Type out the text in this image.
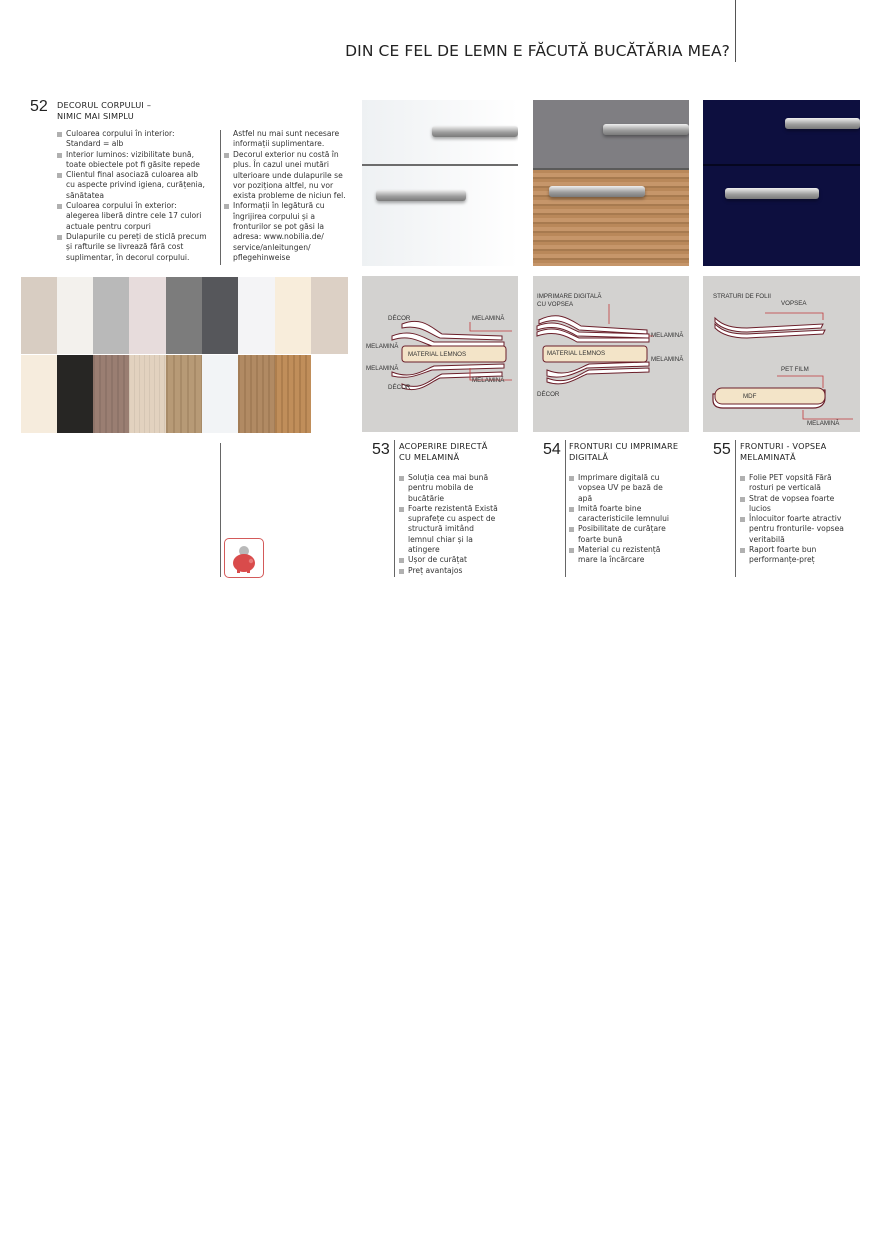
DIN CE FEL DE LEMN E FĂCUTĂ BUCĂTĂRIA MEA?
52 DECORUL CORPULUI –
NIMIC MAI SIMPLU
Culoarea corpului în interior: Standard = alb
Interior luminos: vizibilitate bună, toate obiectele pot fi găsite repede
Clientul final asociază culoarea alb cu aspecte privind igiena, curățenia, sănătatea
Culoarea corpului în exterior: alegerea liberă dintre cele 17 culori actuale pentru corpuri
Dulapurile cu pereți de sticlă precum și rafturile se livrează fără cost suplimentar, în decorul corpului.
Astfel nu mai sunt necesare informații suplimentare.
Decorul exterior nu costă în plus. În cazul unei mutări ulterioare unde dulapurile se vor poziționa altfel, nu vor exista probleme de niciun fel.
Informații în legătură cu îngrijirea corpului și a fronturilor se pot găsi la adresa: www.nobilia.de/ service/anleitungen/ pflegehinweise
DÉCOR	MELAMINĂ
MELAMINĂ
MATERIAL LEMNOS
MELAMINĂ
MELAMINĂ
DÉCOR
IMPRIMARE DIGITALĂ
CU VOPSEA
MELAMINĂ
MATERIAL LEMNOS
MELAMINĂ
DÉCOR
STRATURI DE FOLII
VOPSEA
PET FILM
MDF
MELAMINĂ
53 ACOPERIRE DIRECTĂ
CU MELAMINĂ
Soluția cea mai bună pentru mobila de bucătărie
Foarte rezistentă Există suprafețe cu aspect de structură imitând lemnul chiar și la atingere
Ușor de curățat
Preț avantajos
54 FRONTURI CU IMPRIMARE
DIGITALĂ
Imprimare digitală cu vopsea UV pe bază de apă
Imită foarte bine caracteristicile lemnului
Posibilitate de curățare foarte bună
Material cu rezistență mare la încărcare
55 FRONTURI - VOPSEA
MELAMINATĂ
Folie PET vopsită Fără rosturi pe verticală
Strat de vopsea foarte lucios
Înlocuitor foarte atractiv pentru fronturile- vopsea veritabilă
Raport foarte bun performanțe-preț
